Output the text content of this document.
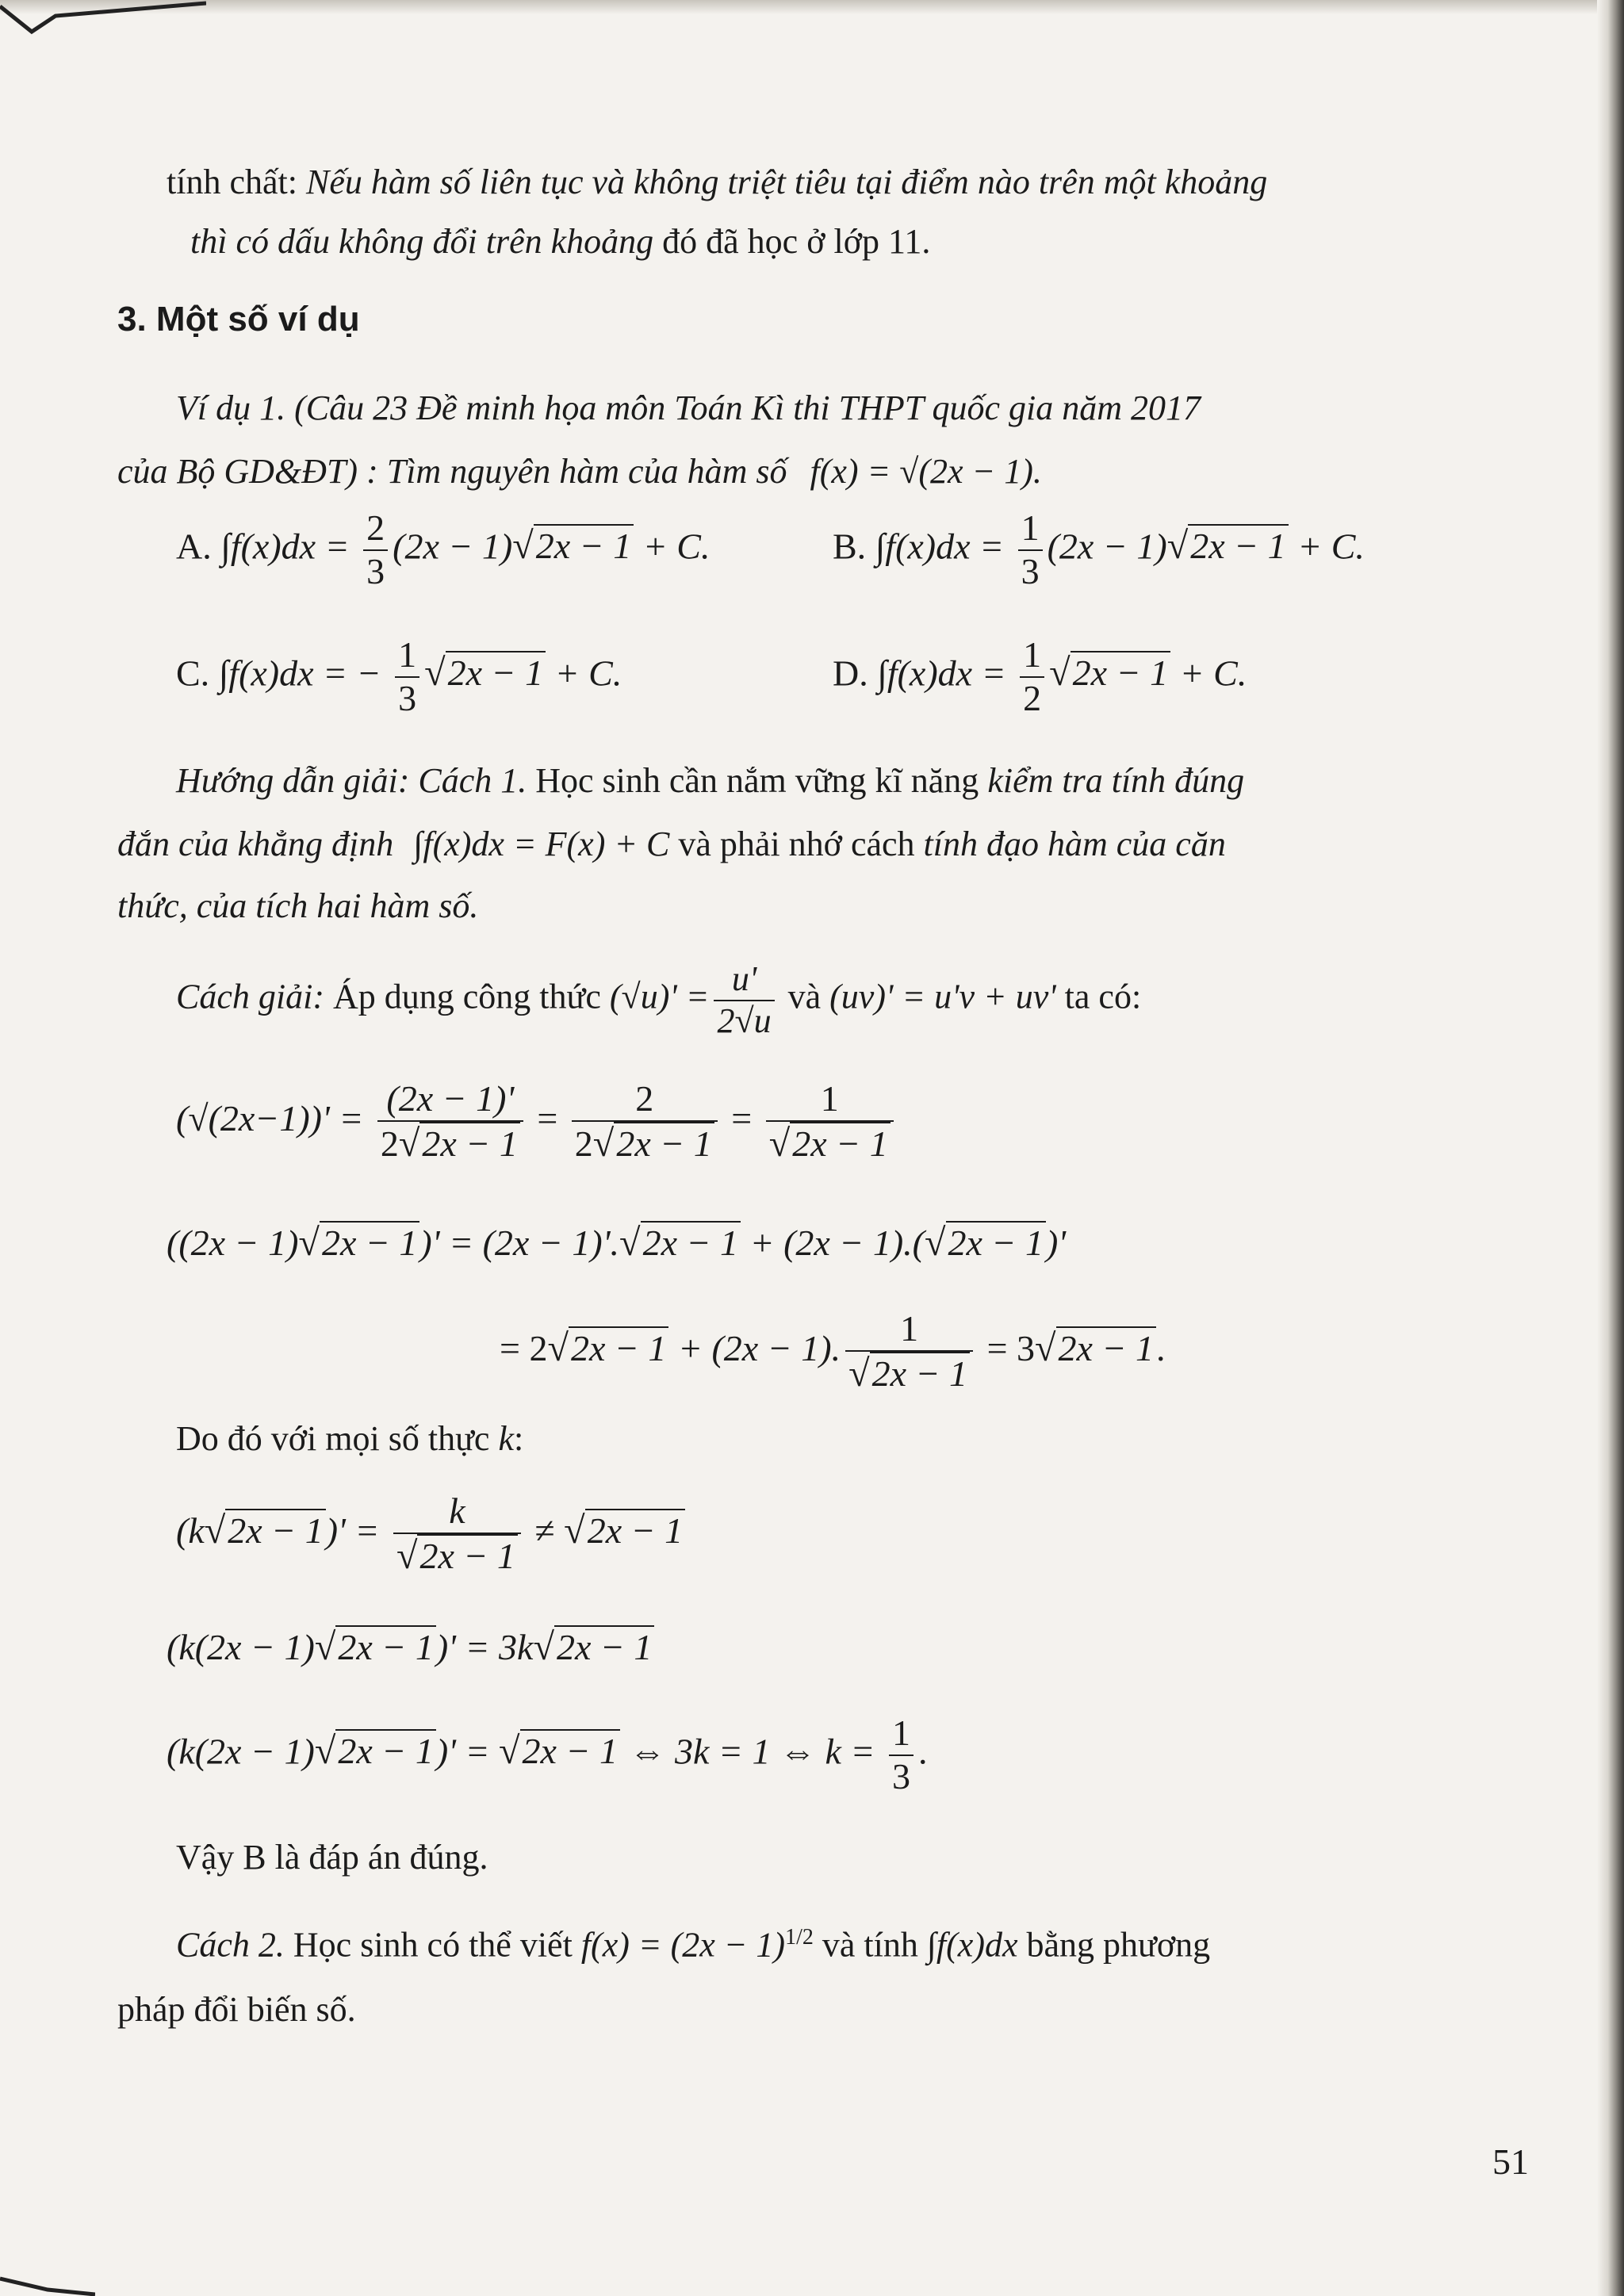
tính chất: Nếu hàm số liên tục và không triệt tiêu tại điểm nào trên một khoảng
thì có dấu không đổi trên khoảng đó đã học ở lớp 11.
3. Một số ví dụ
Ví dụ 1. (Câu 23 Đề minh họa môn Toán Kì thi THPT quốc gia năm 2017
của Bộ GD&ĐT) : Tìm nguyên hàm của hàm số f(x) = √(2x − 1).
A. $\int f(x)dx = \frac{2}{3} (2x - 1)√2x - 1 + C$.	B. $\int f(x)dx = \frac{1}{3} (2x - 1)√2x - 1 + C$.
C. ∫f(x)dx = − $\frac{1}{3} √2x - 1 + C$.	D. $\int f(x)dx = \frac{1}{2} √2x - 1 + C$.
Hướng dẫn giải: Cách 1. Học sinh cần nắm vững kĩ năng kiểm tra tính đúng
đắn của khẳng định ∫f(x)dx = F(x) + C và phải nhớ cách tính đạo hàm của căn
thức, của tích hai hàm số.
Cách giải: Áp dụng công thức $(√u)' = \frac{u'}{2√u}$ và (uv)' = u'v + uv' ta có:
$(√(2x-1))' = \frac{(2x - 1)'}{2√2x - 1} = \frac{2}{2√2x - 1} = \frac{1}{√2x - 1}$
((2x − 1)√2x − 1)' = (2x − 1)'.√2x − 1 + (2x − 1).(√2x − 1)'
= 2√2x − 1 + (2x − 1). $\frac{1}{√2x - 1} = 3√2x - 1$.
Do đó với mọi số thực k:
$(k√2x - 1)' = \frac{k}{√2x - 1} \ne √2x - 1$
(k(2x − 1)√2x − 1)' = 3k√2x − 1
(k(2x − 1)√2x − 1)' = √2x − 1 ⇔ 3k = 1 ⇔ $k = \frac{1}{3}$ .
Vậy B là đáp án đúng.
Cách 2. Học sinh có thể viết $f(x) = (2x - 1)^{1/2}$ và tính ∫f(x)dx bằng phương
pháp đổi biến số.
51
